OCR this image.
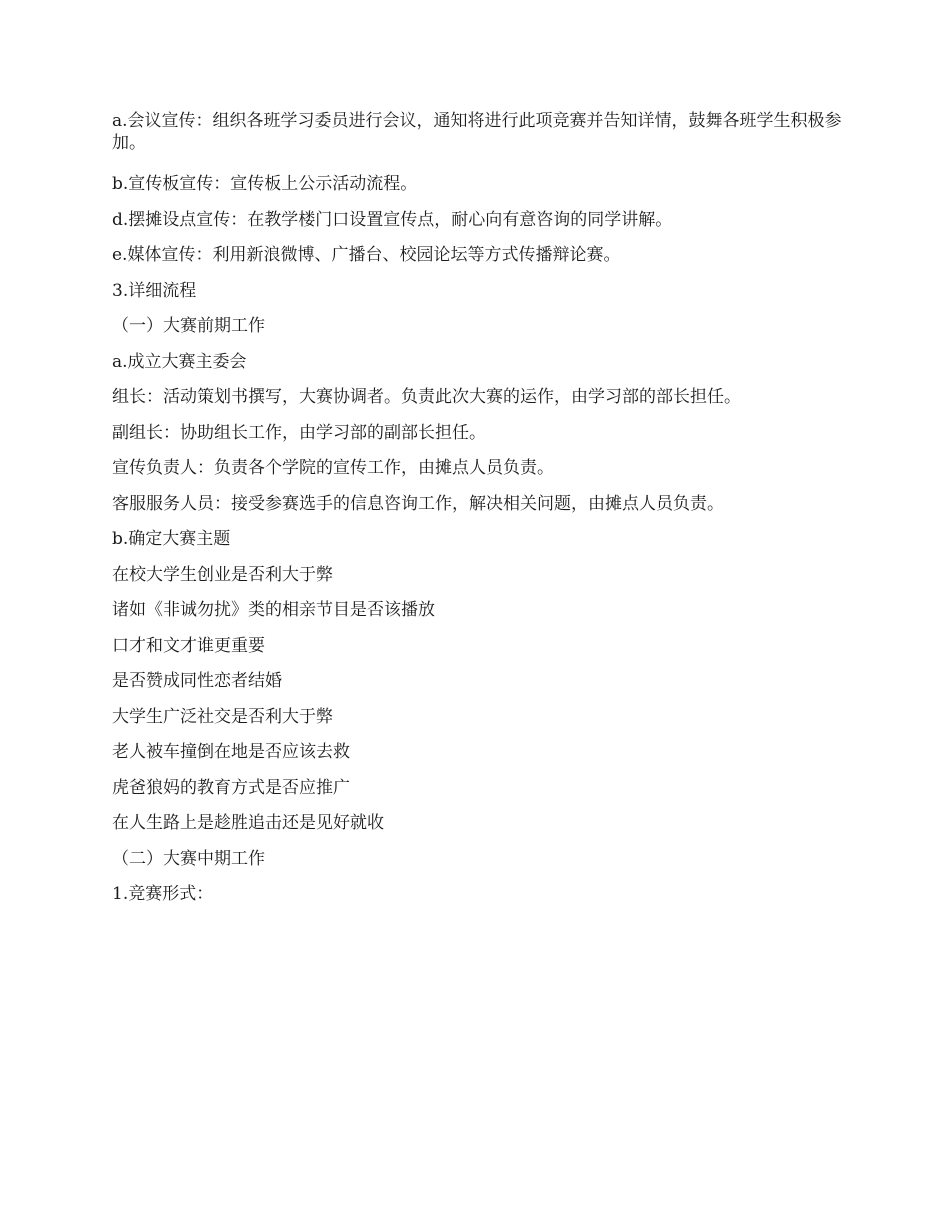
a.会议宣传：组织各班学习委员进行会议，通知将进行此项竞赛并告知详情，鼓舞各班学生积极参加。

b.宣传板宣传：宣传板上公示活动流程。

d.摆摊设点宣传：在教学楼门口设置宣传点，耐心向有意咨询的同学讲解。

e.媒体宣传：利用新浪微博、广播台、校园论坛等方式传播辩论赛。

3.详细流程

（一）大赛前期工作

a.成立大赛主委会

组长：活动策划书撰写，大赛协调者。负责此次大赛的运作，由学习部的部长担任。

副组长：协助组长工作，由学习部的副部长担任。

宣传负责人：负责各个学院的宣传工作，由摊点人员负责。

客服服务人员：接受参赛选手的信息咨询工作，解决相关问题，由摊点人员负责。

b.确定大赛主题

在校大学生创业是否利大于弊

诸如《非诚勿扰》类的相亲节目是否该播放

口才和文才谁更重要

是否赞成同性恋者结婚

大学生广泛社交是否利大于弊

老人被车撞倒在地是否应该去救

虎爸狼妈的教育方式是否应推广

在人生路上是趁胜追击还是见好就收

（二）大赛中期工作

1.竞赛形式：
